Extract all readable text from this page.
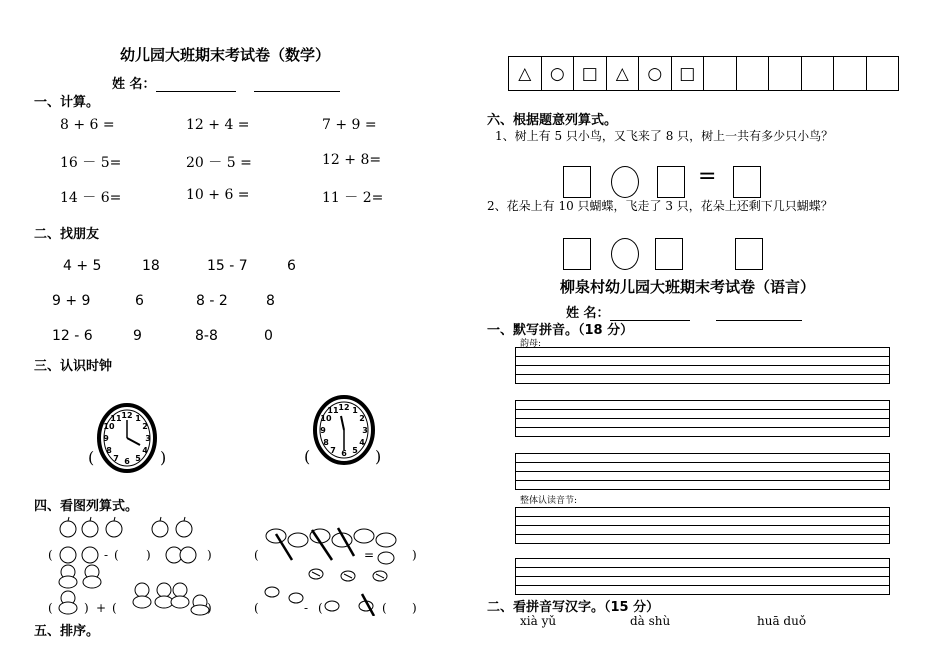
幼儿园大班期末考试卷（数学）
姓 名：
一、计算。
8 + 6 =	12 + 4 =	7 + 9 =
16 － 5=	20 － 5 =	12 + 8=
14 － 6=	10 + 6 =	11 － 2=
二、找朋友
4 + 5	18	15 - 7	6
9 + 9	6	8 - 2	8
12 - 6	9	8-8	0
三、认识时钟
12 1
2
3
4
5
6
7
8
9
10
11
(	)
12 1
2
3
4
5
6
7
8
9
10
11
(	)
四、看图列算式。
(	- ( )	)
(	) + (	)
(	=	)
(	- (	( )
五、排序。
△	○	□	△	○	□
六、根据题意列算式。
1、树上有 5 只小鸟，又飞来了 8 只，树上一共有多少只小鸟？
=
2、花朵上有 10 只蝴蝶，飞走了 3 只，花朵上还剩下几只蝴蝶？
柳泉村幼儿园大班期末考试卷（语言）
姓 名：
一、默写拼音。（18 分）
韵母:
整体认读音节:
二、看拼音写汉字。（15 分）
xià yǔ	dà shù	huā duǒ
